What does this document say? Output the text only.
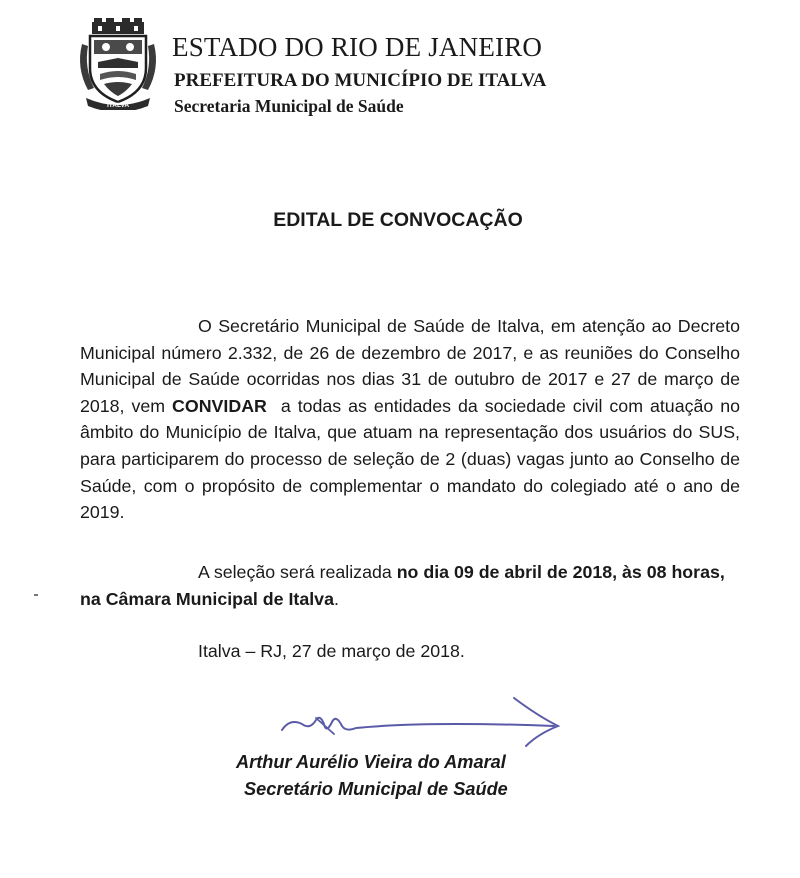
ITALVA
ESTADO DO RIO DE JANEIRO
PREFEITURA DO MUNICÍPIO DE ITALVA
Secretaria Municipal de Saúde
EDITAL DE CONVOCAÇÃO
O Secretário Municipal de Saúde de Italva, em atenção ao Decreto Municipal número 2.332, de 26 de dezembro de 2017, e as reuniões do Conselho Municipal de Saúde ocorridas nos dias 31 de outubro de 2017 e 27 de março de 2018, vem CONVIDAR  a todas as entidades da sociedade civil com atuação no âmbito do Município de Italva, que atuam na representação dos usuários do SUS, para participarem do processo de seleção de 2 (duas) vagas junto ao Conselho de Saúde, com o propósito de complementar o mandato do colegiado até o ano de 2019.
A seleção será realizada no dia 09 de abril de 2018, às 08 horas, na Câmara Municipal de Italva.
Italva – RJ, 27 de março de 2018.
Arthur Aurélio Vieira do Amaral
Secretário Municipal de Saúde
